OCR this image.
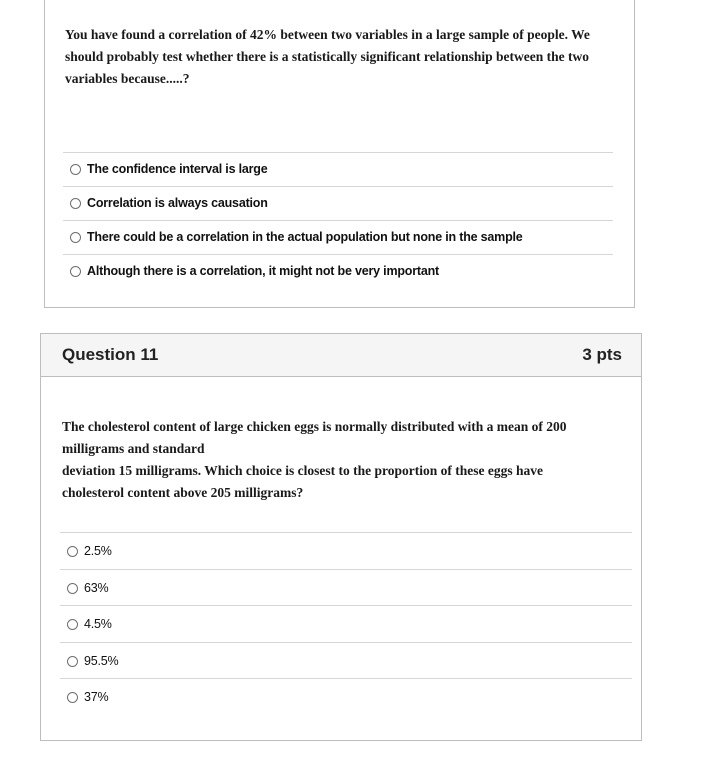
You have found a correlation of 42% between two variables in a large sample of people. We should probably test whether there is a statistically significant relationship between the two variables because.....?
The confidence interval is large
Correlation is always causation
There could be a correlation in the actual population but none in the sample
Although there is a correlation, it might not be very important
Question 11	3 pts
The cholesterol content of large chicken eggs is normally distributed with a mean of 200 milligrams and standard
deviation 15 milligrams. Which choice is closest to the proportion of these eggs have cholesterol content above 205 milligrams?
2.5%
63%
4.5%
95.5%
37%
